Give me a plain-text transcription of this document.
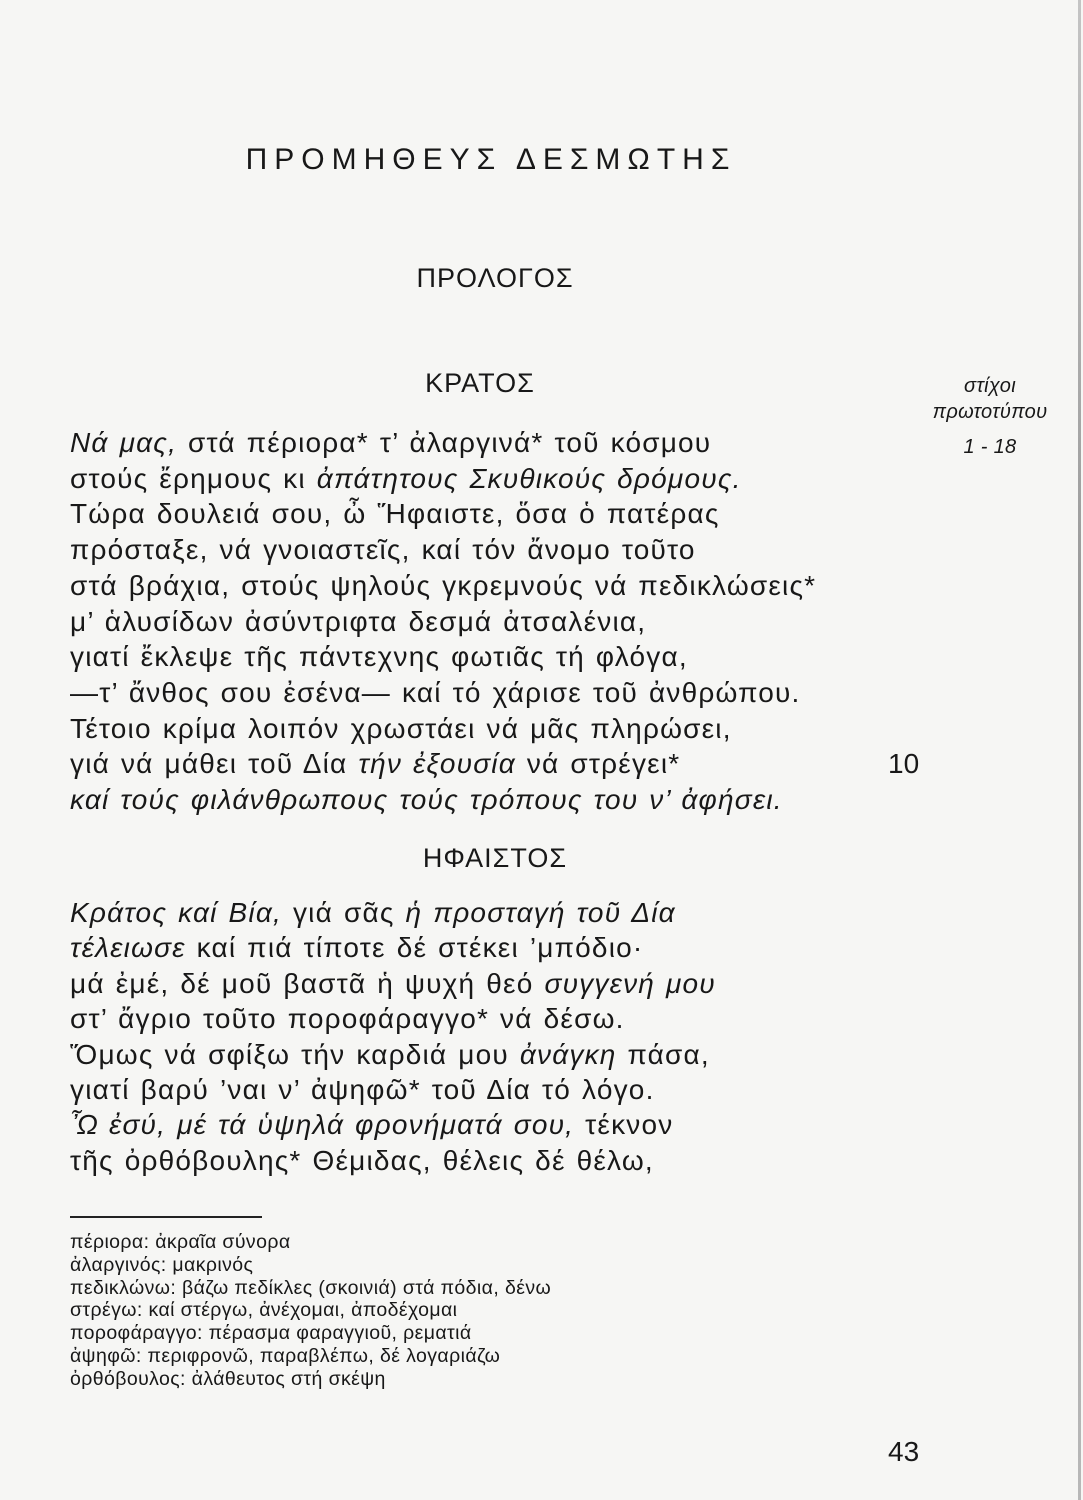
ΠΡΟΜΗΘΕΥΣ ΔΕΣΜΩΤΗΣ
ΠΡΟΛΟΓΟΣ
ΚΡΑΤΟΣ	στίχοι
πρωτοτύπου
1 - 18
Νά μας, στά πέριορα* τ’ ἀλαργινά* τοῦ κόσμου
στούς ἔρημους κι ἀπάτητους Σκυθικούς δρόμους.
Τώρα δουλειά σου, ὦ Ἥφαιστε, ὅσα ὁ πατέρας
πρόσταξε, νά γνοιαστεῖς, καί τόν ἄνομο τοῦτο
στά βράχια, στούς ψηλούς γκρεμνούς νά πεδικλώσεις*
μ’ ἁλυσίδων ἀσύντριφτα δεσμά ἀτσαλένια,
γιατί ἔκλεψε τῆς πάντεχνης φωτιᾶς τή φλόγα,
—τ’ ἄνθος σου ἐσένα— καί τό χάρισε τοῦ ἀνθρώπου.
Τέτοιο κρίμα λοιπόν χρωστάει νά μᾶς πληρώσει,
γιά νά μάθει τοῦ Δία τήν ἐξουσία νά στρέγει*
καί τούς φιλάνθρωπους τούς τρόπους του ν’ ἀφήσει.
10
ΗΦΑΙΣΤΟΣ
Κράτος καί Βία, γιά σᾶς ἡ προσταγή τοῦ Δία
τέλειωσε καί πιά τίποτε δέ στέκει ’μπόδιο·
μά ἐμέ, δέ μοῦ βαστᾶ ἡ ψυχή θεό συγγενή μου
στ’ ἄγριο τοῦτο ποροφάραγγο* νά δέσω.
Ὅμως νά σφίξω τήν καρδιά μου ἀνάγκη πάσα,
γιατί βαρύ ’ναι ν’ ἀψηφῶ* τοῦ Δία τό λόγο.
Ὦ ἐσύ, μέ τά ὑψηλά φρονήματά σου, τέκνον
τῆς ὀρθόβουλης* Θέμιδας, θέλεις δέ θέλω,
πέριορα: ἀκραῖα σύνορα
ἀλαργινός: μακρινός
πεδικλώνω: βάζω πεδίκλες (σκοινιά) στά πόδια, δένω
στρέγω: καί στέργω, ἀνέχομαι, ἀποδέχομαι
ποροφάραγγο: πέρασμα φαραγγιοῦ, ρεματιά
ἀψηφῶ: περιφρονῶ, παραβλέπω, δέ λογαριάζω
ὀρθόβουλος: ἀλάθευτος στή σκέψη
43
